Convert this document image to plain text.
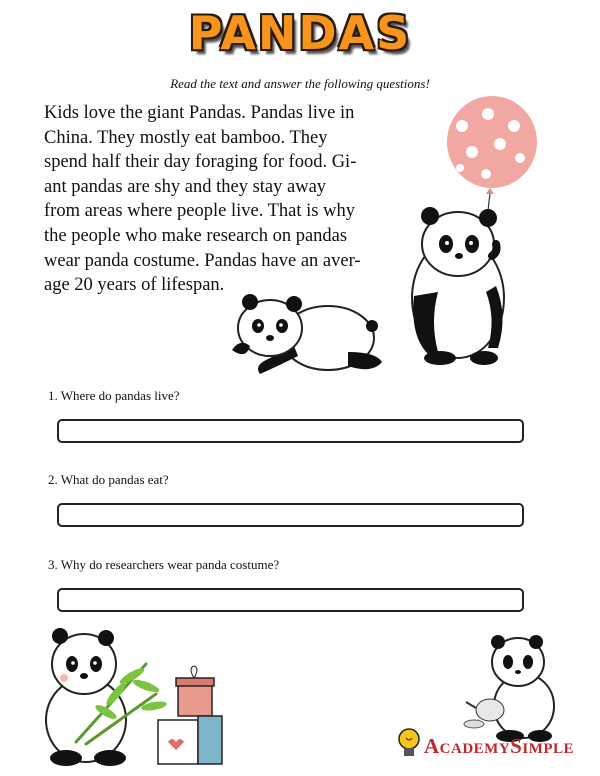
PANDAS
Read the text and answer the following questions!

Kids love the giant Pandas. Pandas live in
China. They mostly eat bamboo. They
spend half their day foraging for food. Gi-
ant pandas are shy and they stay away
from areas where people live. That is why
the people who make research on pandas
wear panda costume. Pandas have an aver-
age 20 years of lifespan.

1. Where do pandas live?
2. What do pandas eat?
3. Why do researchers wear panda costume?
ACADEMYSIMPLE
